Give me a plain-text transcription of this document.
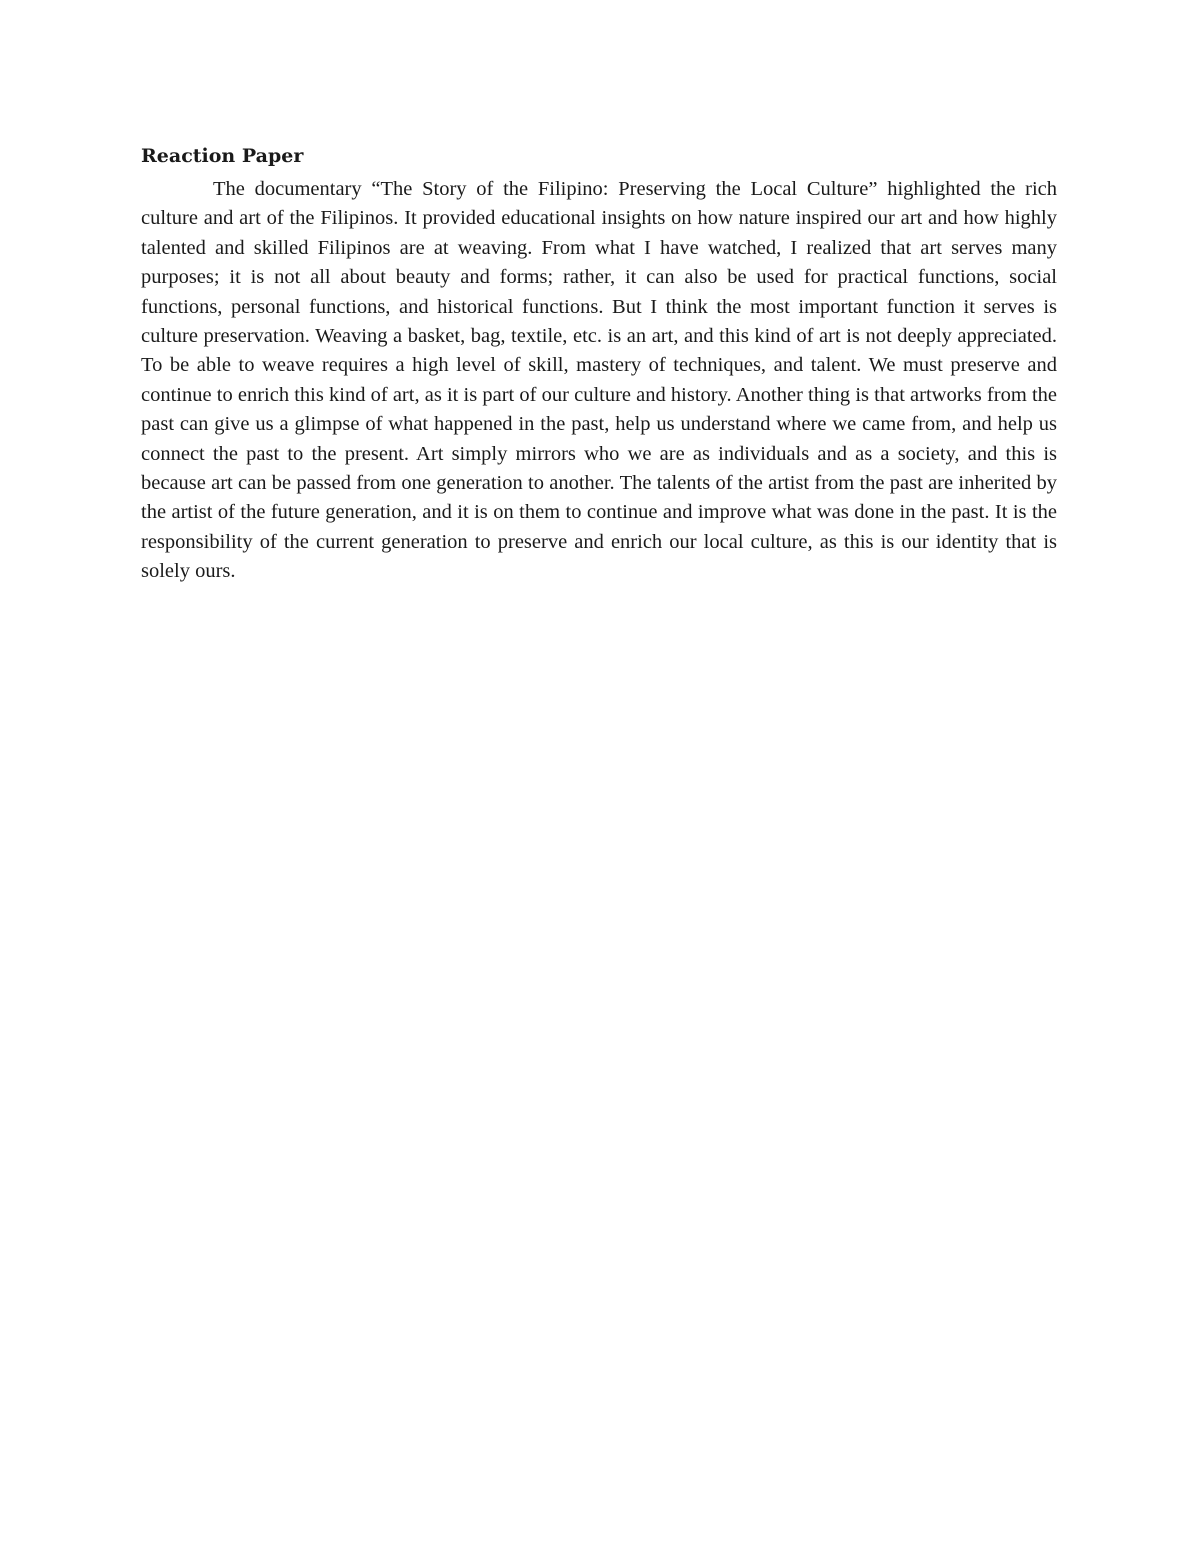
Reaction Paper

The documentary “The Story of the Filipino: Preserving the Local Culture” highlighted the rich culture and art of the Filipinos. It provided educational insights on how nature inspired our art and how highly talented and skilled Filipinos are at weaving. From what I have watched, I realized that art serves many purposes; it is not all about beauty and forms; rather, it can also be used for practical functions, social functions, personal functions, and historical functions. But I think the most important function it serves is culture preservation. Weaving a basket, bag, textile, etc. is an art, and this kind of art is not deeply appreciated. To be able to weave requires a high level of skill, mastery of techniques, and talent. We must preserve and continue to enrich this kind of art, as it is part of our culture and history. Another thing is that artworks from the past can give us a glimpse of what happened in the past, help us understand where we came from, and help us connect the past to the present. Art simply mirrors who we are as individuals and as a society, and this is because art can be passed from one generation to another. The talents of the artist from the past are inherited by the artist of the future generation, and it is on them to continue and improve what was done in the past. It is the responsibility of the current generation to preserve and enrich our local culture, as this is our identity that is solely ours.
